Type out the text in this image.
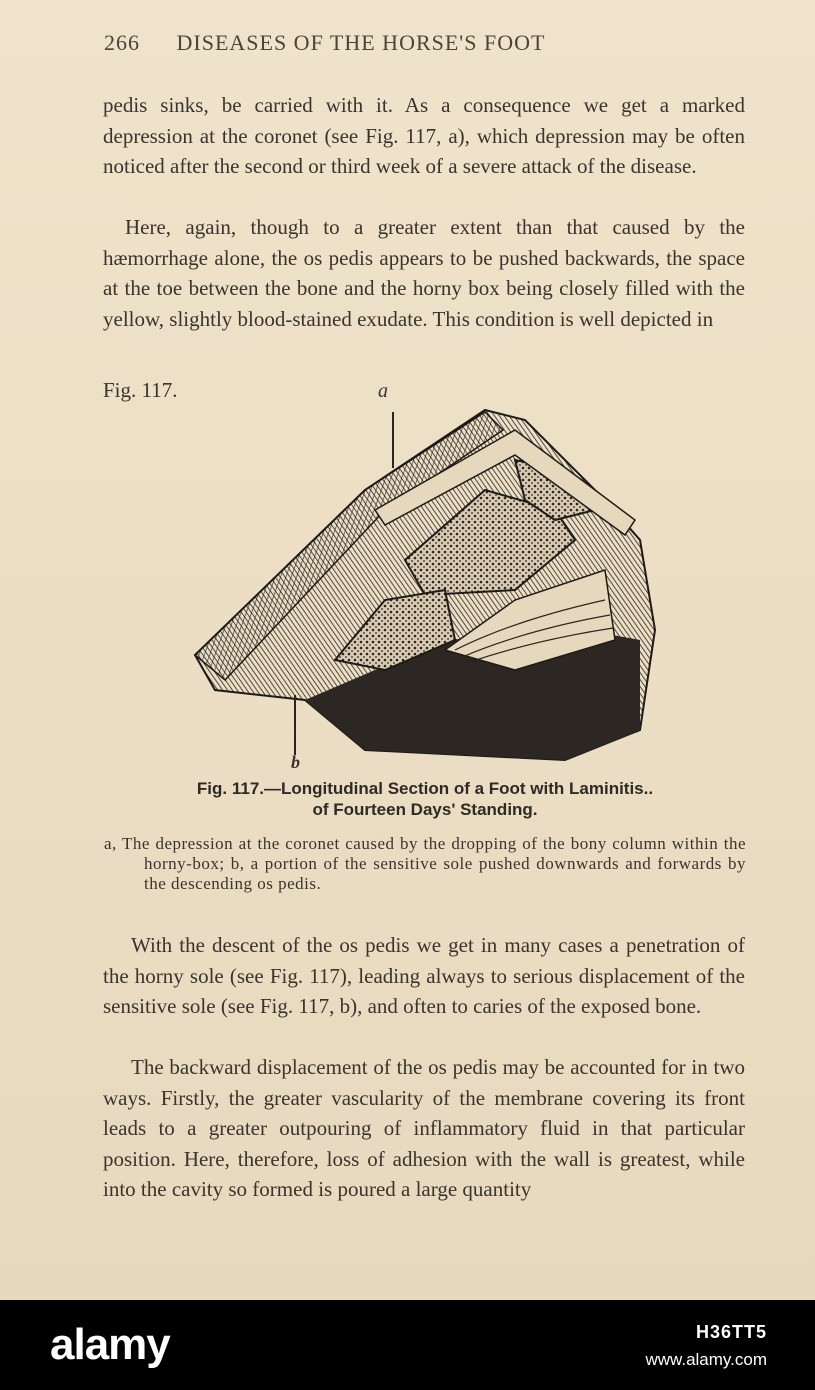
266 DISEASES OF THE HORSE'S FOOT
pedis sinks, be carried with it. As a consequence we get a marked depression at the coronet (see Fig. 117, a), which depression may be often noticed after the second or third week of a severe attack of the disease.
Here, again, though to a greater extent than that caused by the hæmorrhage alone, the os pedis appears to be pushed backwards, the space at the toe between the bone and the horny box being closely filled with the yellow, slightly blood-stained exudate. This condition is well depicted in
Fig. 117.	a
b
Fig. 117.—Longitudinal Section of a Foot with Laminitis..
of Fourteen Days' Standing.
a, The depression at the coronet caused by the dropping of the bony column within the horny-box; b, a portion of the sensitive sole pushed downwards and forwards by the descending os pedis.
With the descent of the os pedis we get in many cases a penetration of the horny sole (see Fig. 117), leading always to serious displacement of the sensitive sole (see Fig. 117, b), and often to caries of the exposed bone.
The backward displacement of the os pedis may be accounted for in two ways. Firstly, the greater vascularity of the membrane covering its front leads to a greater outpouring of inflammatory fluid in that particular position. Here, therefore, loss of adhesion with the wall is greatest, while into the cavity so formed is poured a large quantity
alamy	H36TT5
www.alamy.com
